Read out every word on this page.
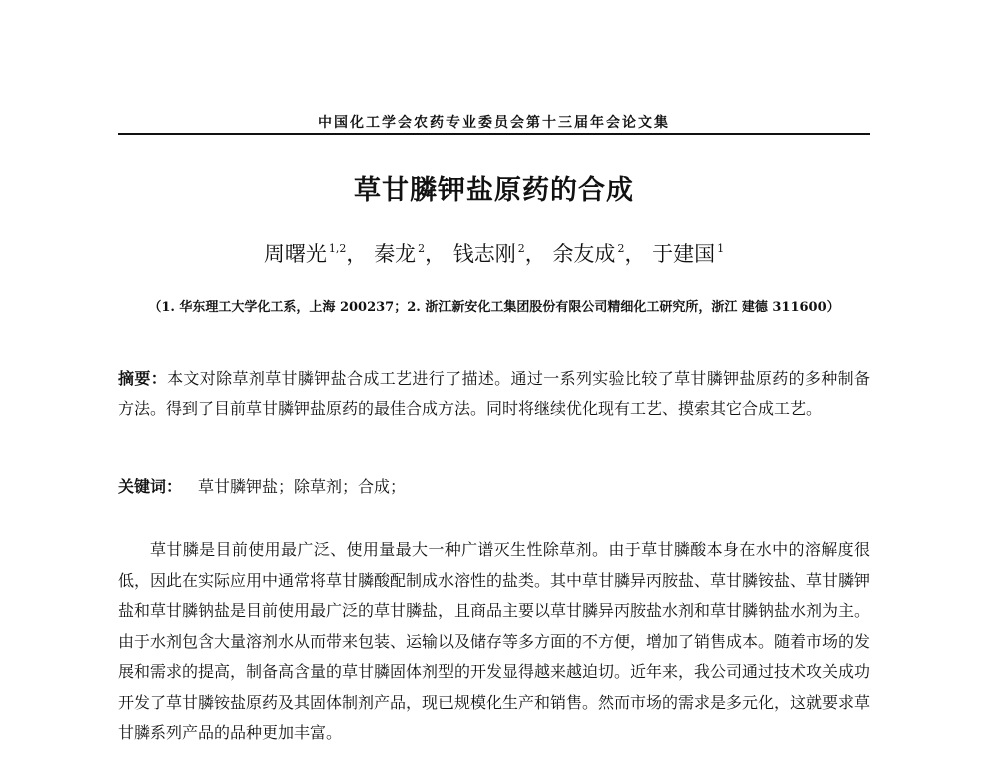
中国化工学会农药专业委员会第十三届年会论文集
草甘膦钾盐原药的合成
周曙光 $^{1,2}$， 秦龙 $^2$， 钱志刚 $^2$， 余友成 $^2$， 于建国 $^1$
（1. 华东理工大学化工系，上海 200237；2. 浙江新安化工集团股份有限公司精细化工研究所，浙江 建德 311600）
摘要：本文对除草剂草甘膦钾盐合成工艺进行了描述。通过一系列实验比较了草甘膦钾盐原药的多种制备方法。得到了目前草甘膦钾盐原药的最佳合成方法。同时将继续优化现有工艺、摸索其它合成工艺。
关键词： 草甘膦钾盐；除草剂；合成；

草甘膦是目前使用最广泛、使用量最大一种广谱灭生性除草剂。由于草甘膦酸本身在水中的溶解度很低，因此在实际应用中通常将草甘膦酸配制成水溶性的盐类。其中草甘膦异丙胺盐、草甘膦铵盐、草甘膦钾盐和草甘膦钠盐是目前使用最广泛的草甘膦盐，且商品主要以草甘膦异丙胺盐水剂和草甘膦钠盐水剂为主。由于水剂包含大量溶剂水从而带来包装、运输以及储存等多方面的不方便，增加了销售成本。随着市场的发展和需求的提高，制备高含量的草甘膦固体剂型的开发显得越来越迫切。近年来，我公司通过技术攻关成功开发了草甘膦铵盐原药及其固体制剂产品，现已规模化生产和销售。然而市场的需求是多元化，这就要求草甘膦系列产品的品种更加丰富。
